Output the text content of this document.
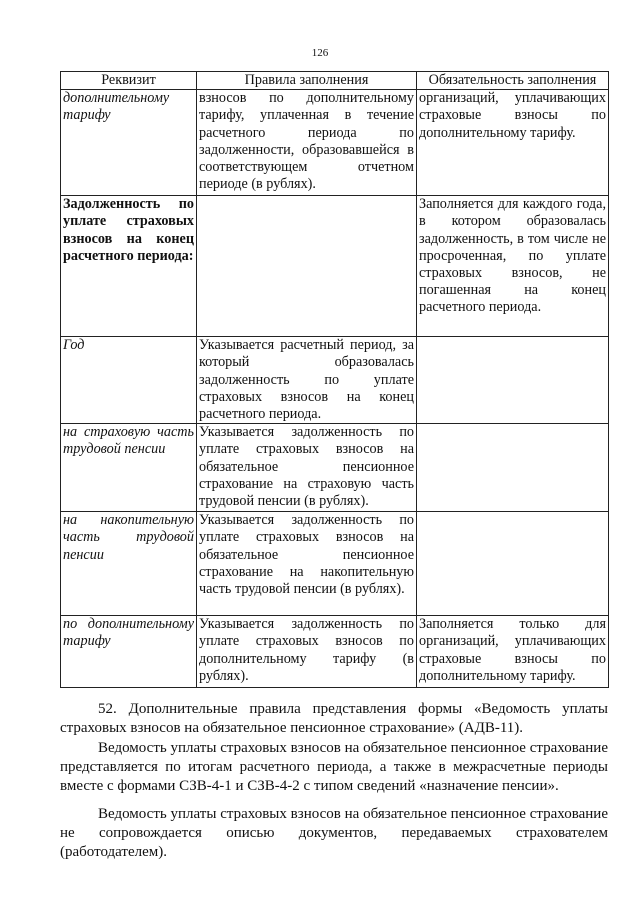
126
Реквизит	Правила заполнения	Обязательность заполнения
дополнительному тарифу	взносов по дополнительному тарифу, уплаченная в течение расчетного периода по задолженности, образовавшейся в соответствующем отчетном периоде (в рублях).	организаций, уплачивающих страховые взносы по дополнительному тарифу.
Задолженность по уплате страховых взносов на конец расчетного периода:		Заполняется для каждого года, в котором образовалась задолженность, в том числе не просроченная, по уплате страховых взносов, не погашенная на конец расчетного периода.
Год	Указывается расчетный период, за который образовалась задолженность по уплате страховых взносов на конец расчетного периода.	
на страховую часть трудовой пенсии	Указывается задолженность по уплате страховых взносов на обязательное пенсионное страхование на страховую часть трудовой пенсии (в рублях).	
на накопительную часть трудовой пенсии	Указывается задолженность по уплате страховых взносов на обязательное пенсионное страхование на накопительную часть трудовой пенсии (в рублях).	
по дополнительному тарифу	Указывается задолженность по уплате страховых взносов по дополнительному тарифу (в рублях).	Заполняется только для организаций, уплачивающих страховые взносы по дополнительному тарифу.

52. Дополнительные правила представления формы «Ведомость уплаты страховых взносов на обязательное пенсионное страхование» (АДВ-11).

Ведомость уплаты страховых взносов на обязательное пенсионное страхование представляется по итогам расчетного периода, а также в межрасчетные периоды вместе с формами СЗВ-4-1 и СЗВ-4-2 с типом сведений «назначение пенсии».

Ведомость уплаты страховых взносов на обязательное пенсионное страхование не сопровождается описью документов, передаваемых страхователем (работодателем).
